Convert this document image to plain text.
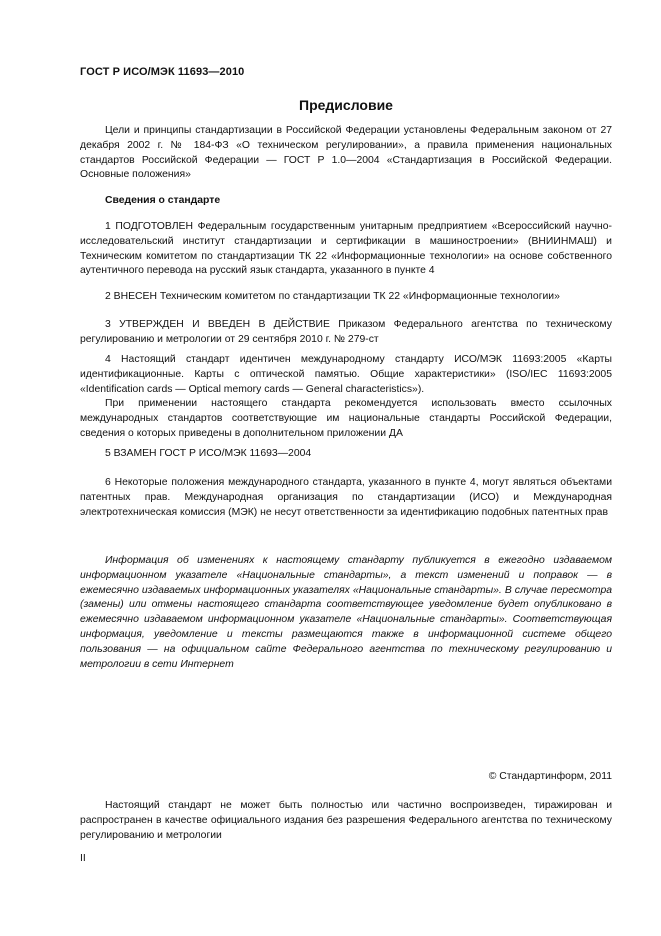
ГОСТ Р ИСО/МЭК 11693—2010
Предисловие

Цели и принципы стандартизации в Российской Федерации установлены Федеральным законом от 27 декабря 2002 г. № 184-ФЗ «О техническом регулировании», а правила применения национальных стандартов Российской Федерации — ГОСТ Р 1.0—2004 «Стандартизация в Российской Федерации. Основные положения»

Сведения о стандарте

1 ПОДГОТОВЛЕН Федеральным государственным унитарным предприятием «Всероссийский научно-исследовательский институт стандартизации и сертификации в машиностроении» (ВНИИНМАШ) и Техническим комитетом по стандартизации ТК 22 «Информационные технологии» на основе собственного аутентичного перевода на русский язык стандарта, указанного в пункте 4

2 ВНЕСЕН Техническим комитетом по стандартизации ТК 22 «Информационные технологии»

3 УТВЕРЖДЕН И ВВЕДЕН В ДЕЙСТВИЕ Приказом Федерального агентства по техническому регулированию и метрологии от 29 сентября 2010 г. № 279-ст

4 Настоящий стандарт идентичен международному стандарту ИСО/МЭК 11693:2005 «Карты идентификационные. Карты с оптической памятью. Общие характеристики» (ISO/IEC 11693:2005 «Identification cards — Optical memory cards — General characteristics»).

При применении настоящего стандарта рекомендуется использовать вместо ссылочных международных стандартов соответствующие им национальные стандарты Российской Федерации, сведения о которых приведены в дополнительном приложении ДА

5 ВЗАМЕН ГОСТ Р ИСО/МЭК 11693—2004

6 Некоторые положения международного стандарта, указанного в пункте 4, могут являться объектами патентных прав. Международная организация по стандартизации (ИСО) и Международная электротехническая комиссия (МЭК) не несут ответственности за идентификацию подобных патентных прав

Информация об изменениях к настоящему стандарту публикуется в ежегодно издаваемом информационном указателе «Национальные стандарты», а текст изменений и поправок — в ежемесячно издаваемых информационных указателях «Национальные стандарты». В случае пересмотра (замены) или отмены настоящего стандарта соответствующее уведомление будет опубликовано в ежемесячно издаваемом информационном указателе «Национальные стандарты». Соответствующая информация, уведомление и тексты размещаются также в информационной системе общего пользования — на официальном сайте Федерального агентства по техническому регулированию и метрологии в сети Интернет

© Стандартинформ, 2011

Настоящий стандарт не может быть полностью или частично воспроизведен, тиражирован и распространен в качестве официального издания без разрешения Федерального агентства по техническому регулированию и метрологии

II
